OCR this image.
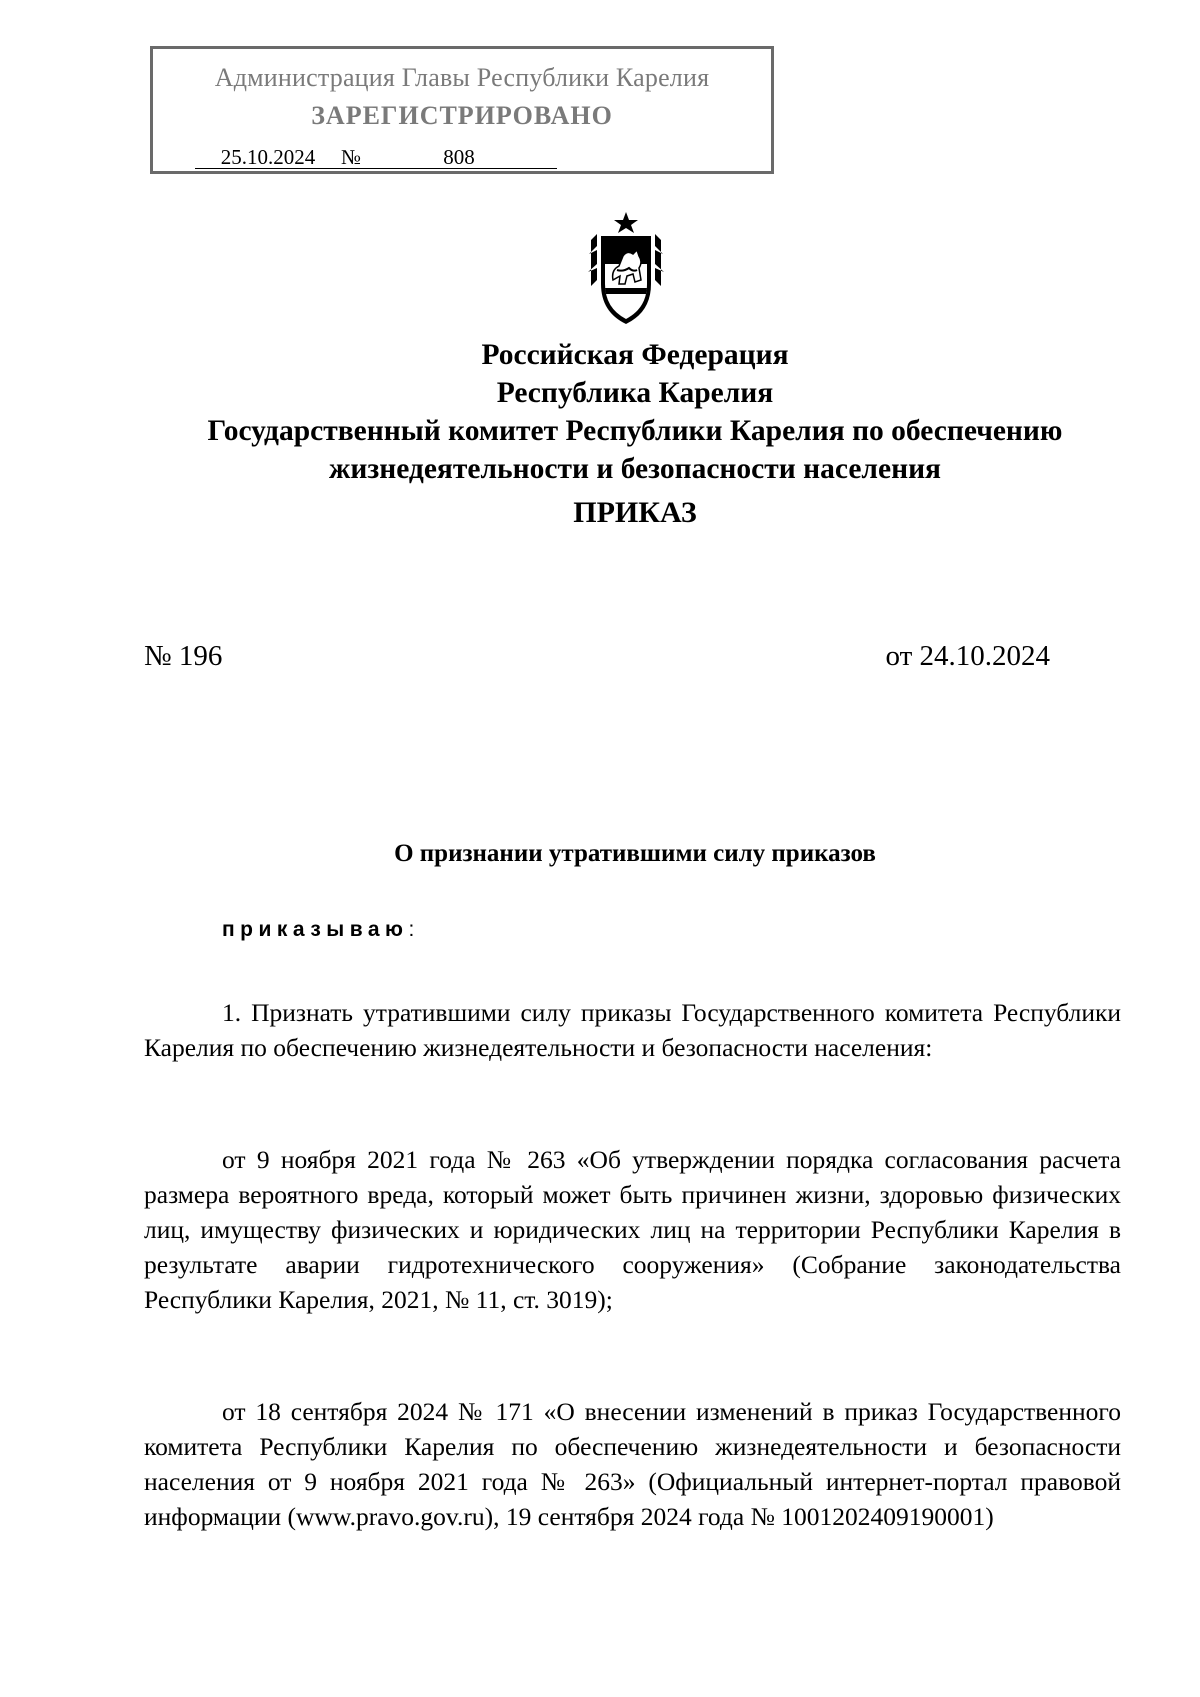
Администрация Главы Республики Карелия
ЗАРЕГИСТРИРОВАНО
25.10.2024 №	808
Российская Федерация
Республика Карелия
Государственный комитет Республики Карелия по обеспечению
жизнедеятельности и безопасности населения
ПРИКАЗ
№ 196	от 24.10.2024
О признании утратившими силу приказов
приказываю:

1. Признать утратившими силу приказы Государственного комитета Республики Карелия по обеспечению жизнедеятельности и безопасности населения:

от 9 ноября 2021 года № 263 «Об утверждении порядка согласования расчета размера вероятного вреда, который может быть причинен жизни, здоровью физических лиц, имуществу физических и юридических лиц на территории Республики Карелия в результате аварии гидротехнического сооружения» (Собрание законодательства Республики Карелия, 2021, № 11, ст. 3019);

от 18 сентября 2024 № 171 «О внесении изменений в приказ Государственного комитета Республики Карелия по обеспечению жизнедеятельности и безопасности населения от 9 ноября 2021 года № 263» (Официальный интернет-портал правовой информации (www.pravo.gov.ru), 19 сентября 2024 года № 1001202409190001)
